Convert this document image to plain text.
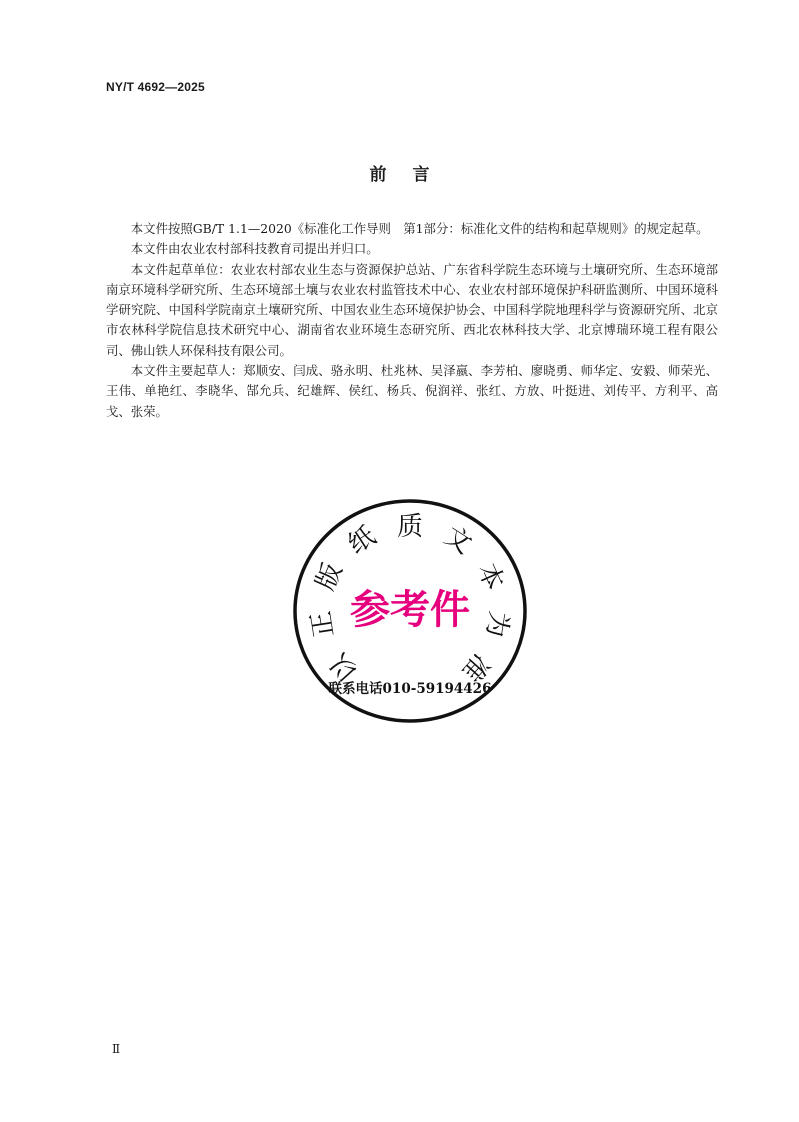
NY/T 4692—2025
前言

本文件按照GB/T 1.1—2020《标准化工作导则　第1部分：标准化文件的结构和起草规则》的规定起草。

本文件由农业农村部科技教育司提出并归口。

本文件起草单位：农业农村部农业生态与资源保护总站、广东省科学院生态环境与土壤研究所、生态环境部南京环境科学研究所、生态环境部土壤与农业农村监管技术中心、农业农村部环境保护科研监测所、中国环境科学研究院、中国科学院南京土壤研究所、中国农业生态环境保护协会、中国科学院地理科学与资源研究所、北京市农林科学院信息技术研究中心、湖南省农业环境生态研究所、西北农林科技大学、北京博瑞环境工程有限公司、佛山铁人环保科技有限公司。

本文件主要起草人：郑顺安、闫成、骆永明、杜兆林、吴泽嬴、李芳柏、廖晓勇、师华定、安毅、师荣光、王伟、单艳红、李晓华、郜允兵、纪雄辉、侯红、杨兵、倪润祥、张红、方放、叶挺进、刘传平、方利平、高戈、张荣。

以
正
版
纸 质 文
本
为
准
参考件
联系电话010-59194426
Ⅱ
